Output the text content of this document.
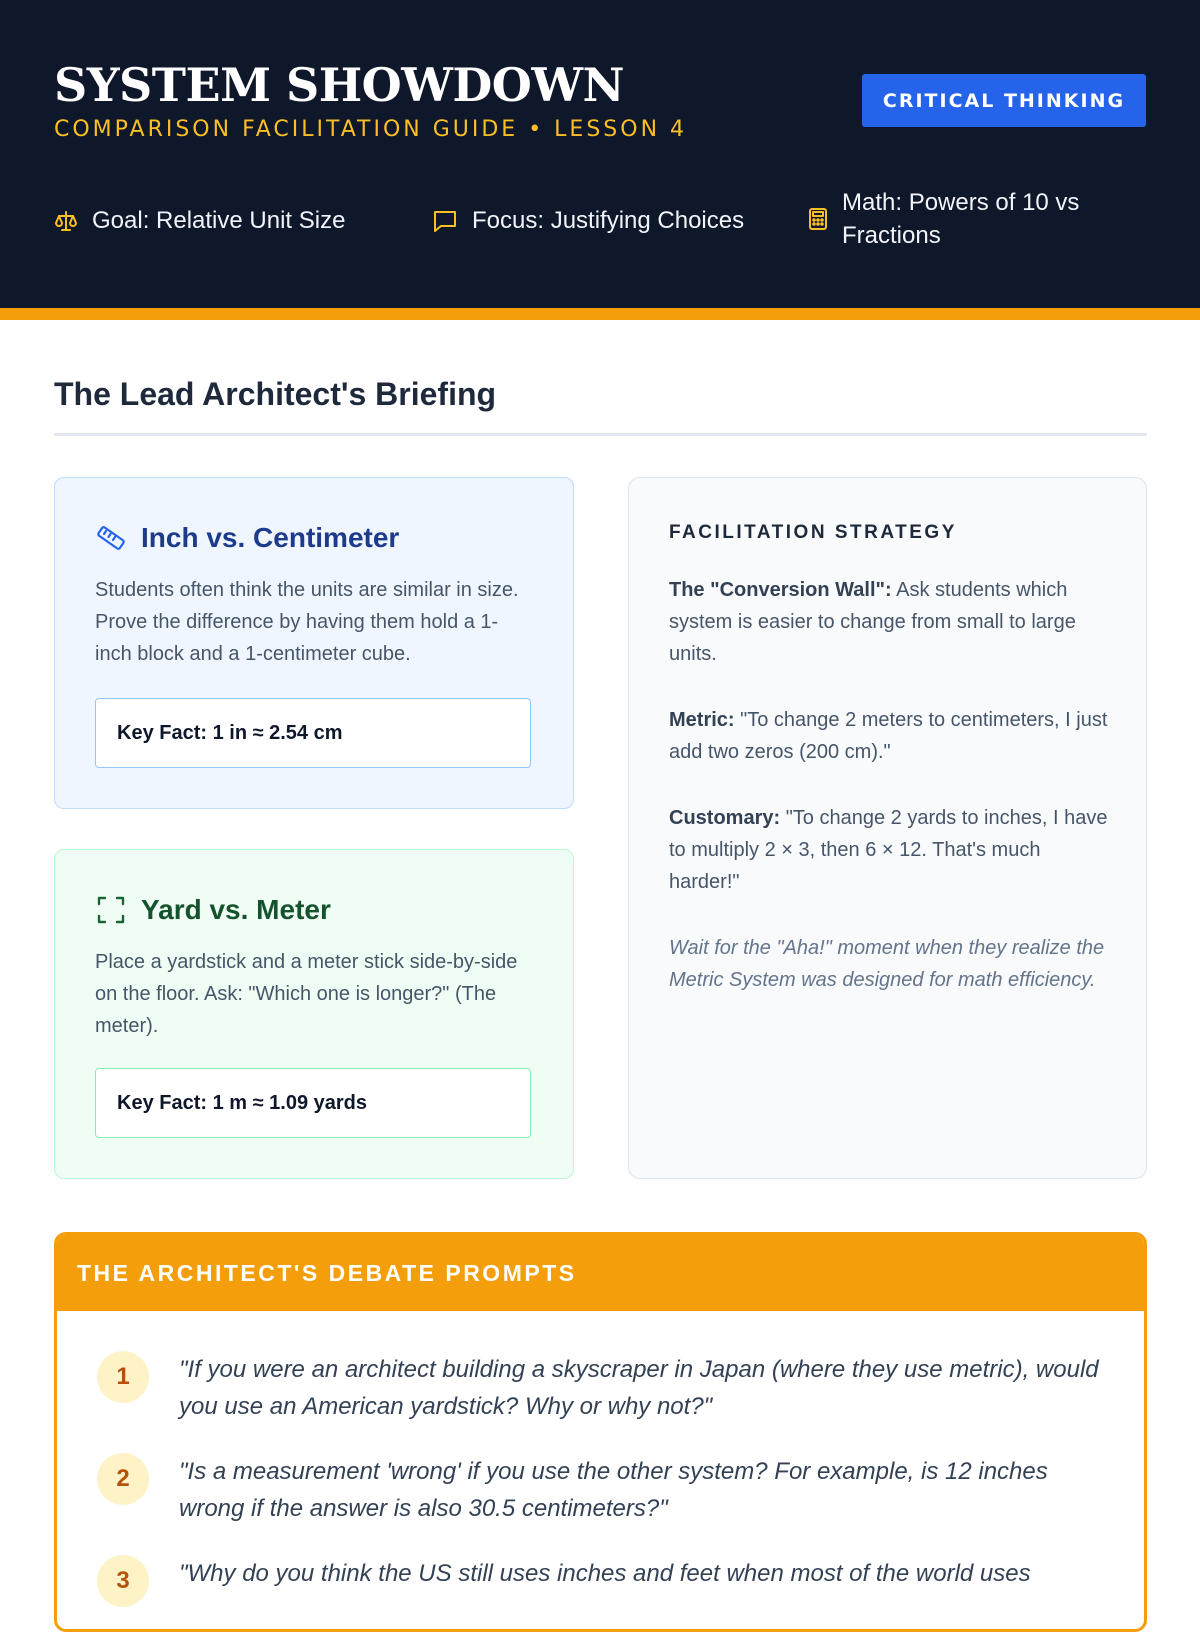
SYSTEM SHOWDOWN
COMPARISON FACILITATION GUIDE • LESSON 4
CRITICAL THINKING
Goal: Relative Unit Size	Focus: Justifying Choices
Math: Powers of 10 vs Fractions
The Lead Architect's Briefing
Inch vs. Centimeter
Students often think the units are similar in size. Prove the difference by having them hold a 1-inch block and a 1-centimeter cube.
Key Fact: 1 in ≈ 2.54 cm
Yard vs. Meter
Place a yardstick and a meter stick side-by-side on the floor. Ask: "Which one is longer?" (The meter).
Key Fact: 1 m ≈ 1.09 yards
FACILITATION STRATEGY
The "Conversion Wall": Ask students which system is easier to change from small to large units.
Metric: "To change 2 meters to centimeters, I just add two zeros (200 cm)."
Customary: "To change 2 yards to inches, I have to multiply 2 × 3, then 6 × 12. That's much harder!"
Wait for the "Aha!" moment when they realize the Metric System was designed for math efficiency.
THE ARCHITECT'S DEBATE PROMPTS
1	"If you were an architect building a skyscraper in Japan (where they use metric), would you use an American yardstick? Why or why not?"
2	"Is a measurement 'wrong' if you use the other system? For example, is 12 inches wrong if the answer is also 30.5 centimeters?"
3	"Why do you think the US still uses inches and feet when most of the world uses
